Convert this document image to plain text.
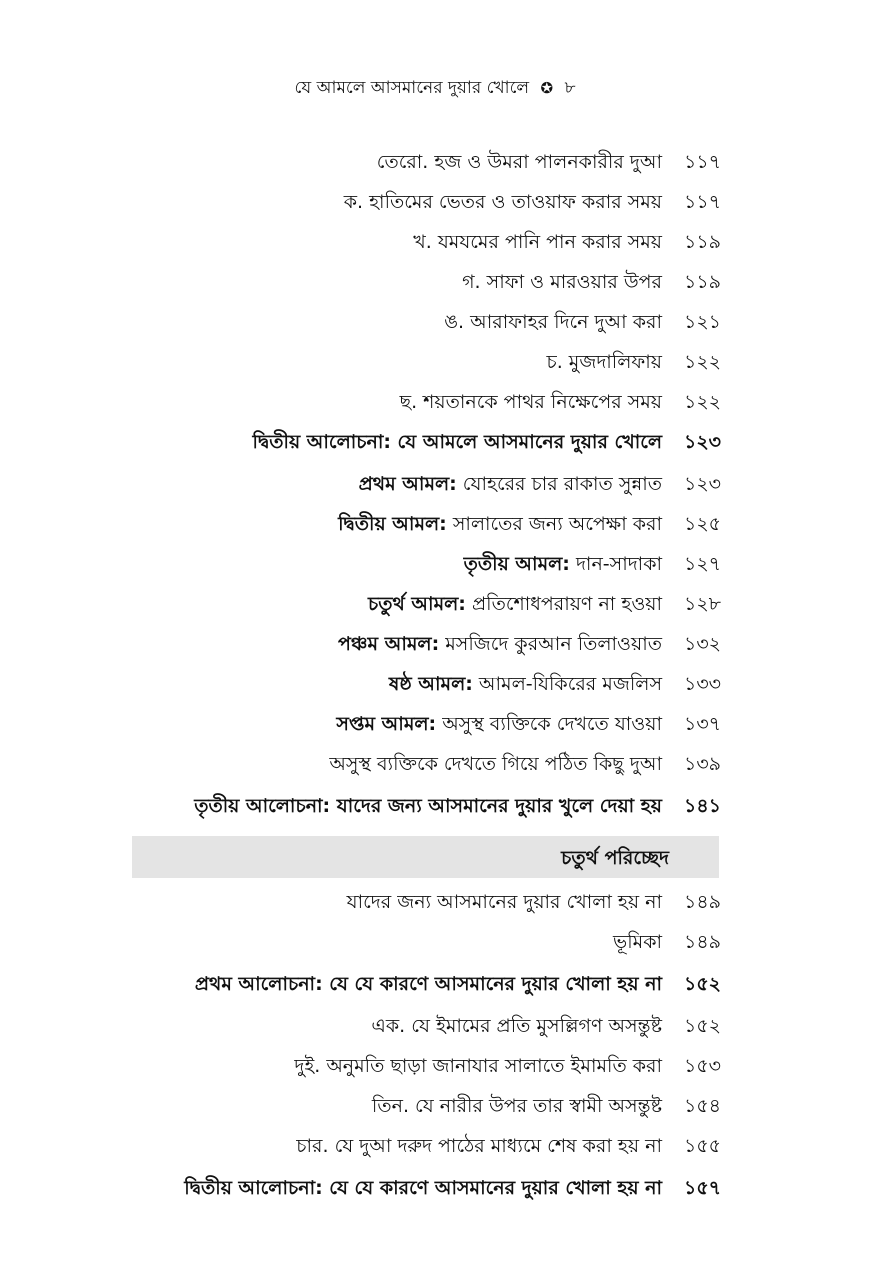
যে আমলে আসমানের দুয়ার খোলে ✪ ৮
তেরো. হজ ও উমরা পালনকারীর দুআ ১১৭
ক. হাতিমের ভেতর ও তাওয়াফ করার সময় ১১৭
খ. যমযমের পানি পান করার সময় ১১৯
গ. সাফা ও মারওয়ার উপর ১১৯
ঙ. আরাফাহর দিনে দুআ করা ১২১
চ. মুজদালিফায় ১২২
ছ. শয়তানকে পাথর নিক্ষেপের সময় ১২২
দ্বিতীয় আলোচনা: যে আমলে আসমানের দুয়ার খোলে ১২৩
প্রথম আমল: যোহরের চার রাকাত সুন্নাত ১২৩
দ্বিতীয় আমল: সালাতের জন্য অপেক্ষা করা ১২৫
তৃতীয় আমল: দান-সাদাকা ১২৭
চতুর্থ আমল: প্রতিশোধপরায়ণ না হওয়া ১২৮
পঞ্চম আমল: মসজিদে কুরআন তিলাওয়াত ১৩২
ষষ্ঠ আমল: আমল-যিকিরের মজলিস ১৩৩
সপ্তম আমল: অসুস্থ ব্যক্তিকে দেখতে যাওয়া ১৩৭
অসুস্থ ব্যক্তিকে দেখতে গিয়ে পঠিত কিছু দুআ ১৩৯
তৃতীয় আলোচনা: যাদের জন্য আসমানের দুয়ার খুলে দেয়া হয় ১৪১
চতুর্থ পরিচ্ছেদ
যাদের জন্য আসমানের দুয়ার খোলা হয় না ১৪৯
ভূমিকা ১৪৯
প্রথম আলোচনা: যে যে কারণে আসমানের দুয়ার খোলা হয় না ১৫২
এক. যে ইমামের প্রতি মুসল্লিগণ অসন্তুষ্ট ১৫২
দুই. অনুমতি ছাড়া জানাযার সালাতে ইমামতি করা ১৫৩
তিন. যে নারীর উপর তার স্বামী অসন্তুষ্ট ১৫৪
চার. যে দুআ দরুদ পাঠের মাধ্যমে শেষ করা হয় না ১৫৫
দ্বিতীয় আলোচনা: যে যে কারণে আসমানের দুয়ার খোলা হয় না ১৫৭
